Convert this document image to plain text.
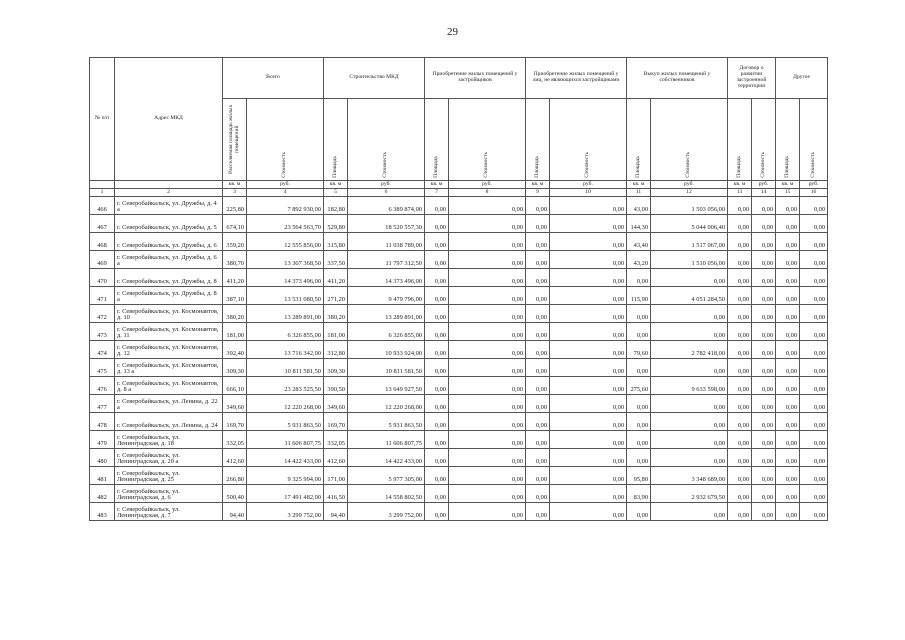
29
№ п/п	Адрес МКД	Всего		Строительство МКД		Приобретение жилых помещений у застройщиков		Приобретение жилых помещений у лиц, не являющихся застройщиками		Выкуп жилых помещений у собственников		Договор о развитии застроенной территории		Другое	
		Расселяемая площадь жилых помещений	Стоимость	Площадь	Стоимость	Площадь	Стоимость	Площадь	Стоимость	Площадь	Стоимость	Площадь	Стоимость	Площадь	Стоимость
		кв. м	руб.	кв. м	руб.	кв. м	руб.	кв. м	руб.	кв. м	руб.	кв. м	руб.	кв. м	руб.
1	2	3	4	5	6	7	8	9	10	11	12	13	14	15	16
466	г. Северобайкальск, ул. Дружбы, д. 4 а	225,80	7 892 930,00	182,80	6 389 874,00	0,00	0,00	0,00	0,00	43,00	1 503 056,00	0,00	0,00	0,00	0,00
467	г. Северобайкальск, ул. Дружбы, д. 5	674,10	23 564 563,70	529,80	18 520 557,30	0,00	0,00	0,00	0,00	144,30	5 044 006,40	0,00	0,00	0,00	0,00
468	г. Северобайкальск, ул. Дружбы, д. 6	359,20	12 555 856,00	315,80	11 038 789,00	0,00	0,00	0,00	0,00	43,40	1 517 067,00	0,00	0,00	0,00	0,00
469	г. Северобайкальск, ул. Дружбы, д. 6 а	380,70	13 307 368,50	337,50	11 797 312,50	0,00	0,00	0,00	0,00	43,20	1 510 056,00	0,00	0,00	0,00	0,00
470	г. Северобайкальск, ул. Дружбы, д. 8	411,20	14 373 496,00	411,20	14 373 496,00	0,00	0,00	0,00	0,00	0,00	0,00	0,00	0,00	0,00	0,00
471	г. Северобайкальск, ул. Дружбы, д. 8 а	387,10	13 531 080,50	271,20	9 479 796,00	0,00	0,00	0,00	0,00	115,90	4 051 284,50	0,00	0,00	0,00	0,00
472	г. Северобайкальск, ул. Космонавтов, д. 10	380,20	13 289 891,00	380,20	13 289 891,00	0,00	0,00	0,00	0,00	0,00	0,00	0,00	0,00	0,00	0,00
473	г. Северобайкальск, ул. Космонавтов, д. 11	181,00	6 326 855,00	181,00	6 326 855,00	0,00	0,00	0,00	0,00	0,00	0,00	0,00	0,00	0,00	0,00
474	г. Северобайкальск, ул. Космонавтов, д. 12	392,40	13 716 342,00	312,80	10 933 924,00	0,00	0,00	0,00	0,00	79,60	2 782 418,00	0,00	0,00	0,00	0,00
475	г. Северобайкальск, ул. Космонавтов, д. 13 а	309,30	10 811 581,50	309,30	10 811 581,50	0,00	0,00	0,00	0,00	0,00	0,00	0,00	0,00	0,00	0,00
476	г. Северобайкальск, ул. Космонавтов, д. 8 а	666,10	23 283 525,50	390,50	13 649 927,50	0,00	0,00	0,00	0,00	275,60	9 633 598,00	0,00	0,00	0,00	0,00
477	г. Северобайкальск, ул. Ленина, д. 22 а	349,60	12 220 268,00	349,60	12 220 268,00	0,00	0,00	0,00	0,00	0,00	0,00	0,00	0,00	0,00	0,00
478	г. Северобайкальск, ул. Ленина, д. 24	169,70	5 931 863,50	169,70	5 931 863,50	0,00	0,00	0,00	0,00	0,00	0,00	0,00	0,00	0,00	0,00
479	г. Северобайкальск, ул. Ленинградская, д. 18	332,05	11 606 807,75	332,05	11 606 807,75	0,00	0,00	0,00	0,00	0,00	0,00	0,00	0,00	0,00	0,00
480	г. Северобайкальск, ул. Ленинградская, д. 20 а	412,60	14 422 433,00	412,60	14 422 433,00	0,00	0,00	0,00	0,00	0,00	0,00	0,00	0,00	0,00	0,00
481	г. Северобайкальск, ул. Ленинградская, д. 25	266,80	9 325 994,00	171,00	5 977 305,00	0,00	0,00	0,00	0,00	95,80	3 348 689,00	0,00	0,00	0,00	0,00
482	г. Северобайкальск, ул. Ленинградская, д. 6	500,40	17 491 482,00	416,50	14 558 802,50	0,00	0,00	0,00	0,00	83,90	2 932 679,50	0,00	0,00	0,00	0,00
483	г. Северобайкальск, ул. Ленинградская, д. 7	94,40	3 299 752,00	94,40	3 299 752,00	0,00	0,00	0,00	0,00	0,00	0,00	0,00	0,00	0,00	0,00
